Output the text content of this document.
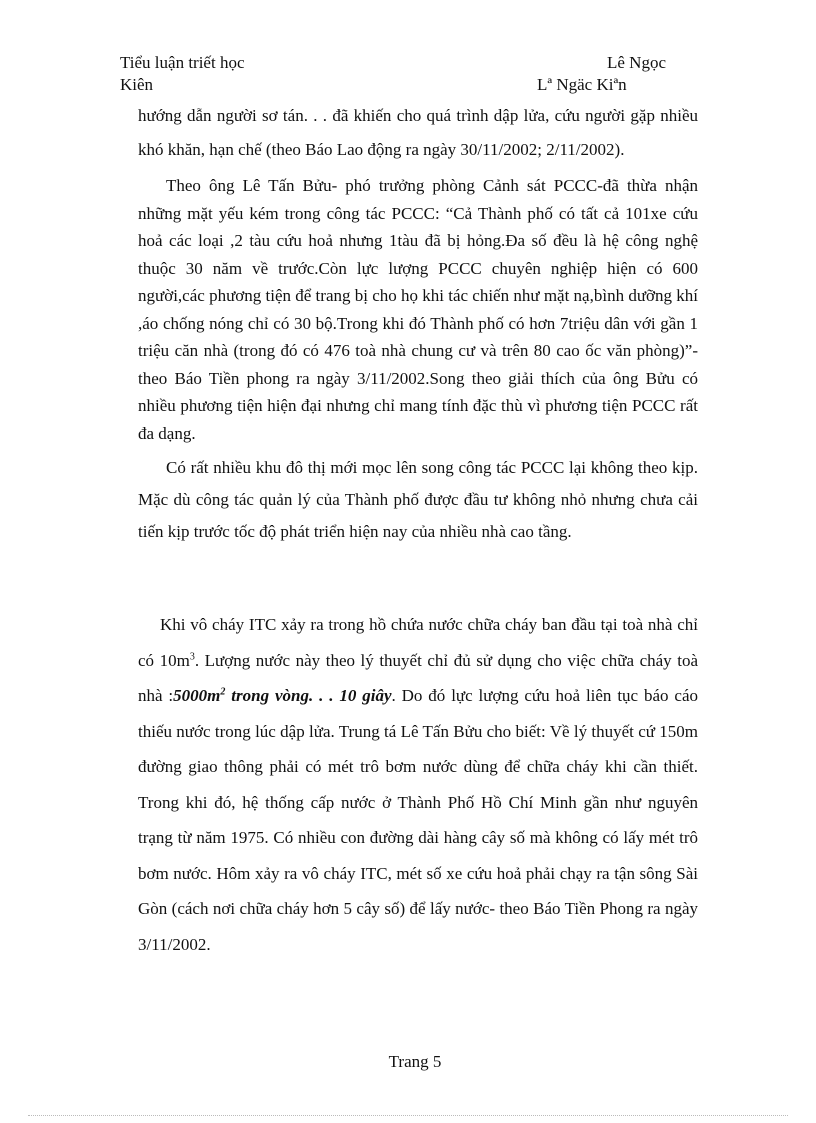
Tiểu luận triết học	Lê Ngọc
Kiên	Lª Ngäc Kiªn

hướng dẫn người sơ tán. . . đã khiến cho quá trình dập lửa, cứu người gặp nhiều khó khăn, hạn chế (theo Báo Lao động ra ngày 30/11/2002; 2/11/2002).

Theo ông Lê Tấn Bửu- phó trưởng phòng Cảnh sát PCCC-đã thừa nhận những mặt yếu kém trong công tác PCCC: “Cả Thành phố có tất cả 101xe cứu hoả các loại ,2 tàu cứu hoả nhưng 1tàu đã bị hỏng.Đa số đều là hệ công nghệ thuộc 30 năm về trước.Còn lực lượng PCCC chuyên nghiệp hiện có 600 người,các phương tiện để trang bị cho họ khi tác chiến như mặt nạ,bình dưỡng khí ,áo chống nóng chỉ có 30 bộ.Trong khi đó Thành phố có hơn 7triệu dân với gần 1 triệu căn nhà (trong đó có 476 toà nhà chung cư và trên 80 cao ốc văn phòng)”-theo Báo Tiền phong ra ngày 3/11/2002.Song theo giải thích của ông Bửu có nhiều phương tiện hiện đại nhưng chỉ mang tính đặc thù vì phương tiện PCCC rất đa dạng.

Có rất nhiều khu đô thị mới mọc lên song công tác PCCC lại không theo kịp. Mặc dù công tác quản lý của Thành phố được đầu tư không nhỏ nhưng chưa cải tiến kịp trước tốc độ phát triển hiện nay của nhiều nhà cao tầng.

Khi vô cháy ITC xảy ra trong hồ chứa nước chữa cháy ban đầu tại toà nhà chỉ có $10m^3$. Lượng nước này theo lý thuyết chỉ đủ sử dụng cho việc chữa cháy toà nhà $:5000m^2$ trong vòng. . . 10 giây. Do đó lực lượng cứu hoả liên tục báo cáo thiếu nước trong lúc dập lửa. Trung tá Lê Tấn Bửu cho biết: Về lý thuyết cứ 150m đường giao thông phải có mét trô bơm nước dùng để chữa cháy khi cần thiết. Trong khi đó, hệ thống cấp nước ở Thành Phố Hồ Chí Minh gần như nguyên trạng từ năm 1975. Có nhiều con đường dài hàng cây số mà không có lấy mét trô bơm nước. Hôm xảy ra vô cháy ITC, mét số xe cứu hoả phải chạy ra tận sông Sài Gòn (cách nơi chữa cháy hơn 5 cây số) để lấy nước- theo Báo Tiền Phong ra ngày 3/11/2002.

Trang 5
